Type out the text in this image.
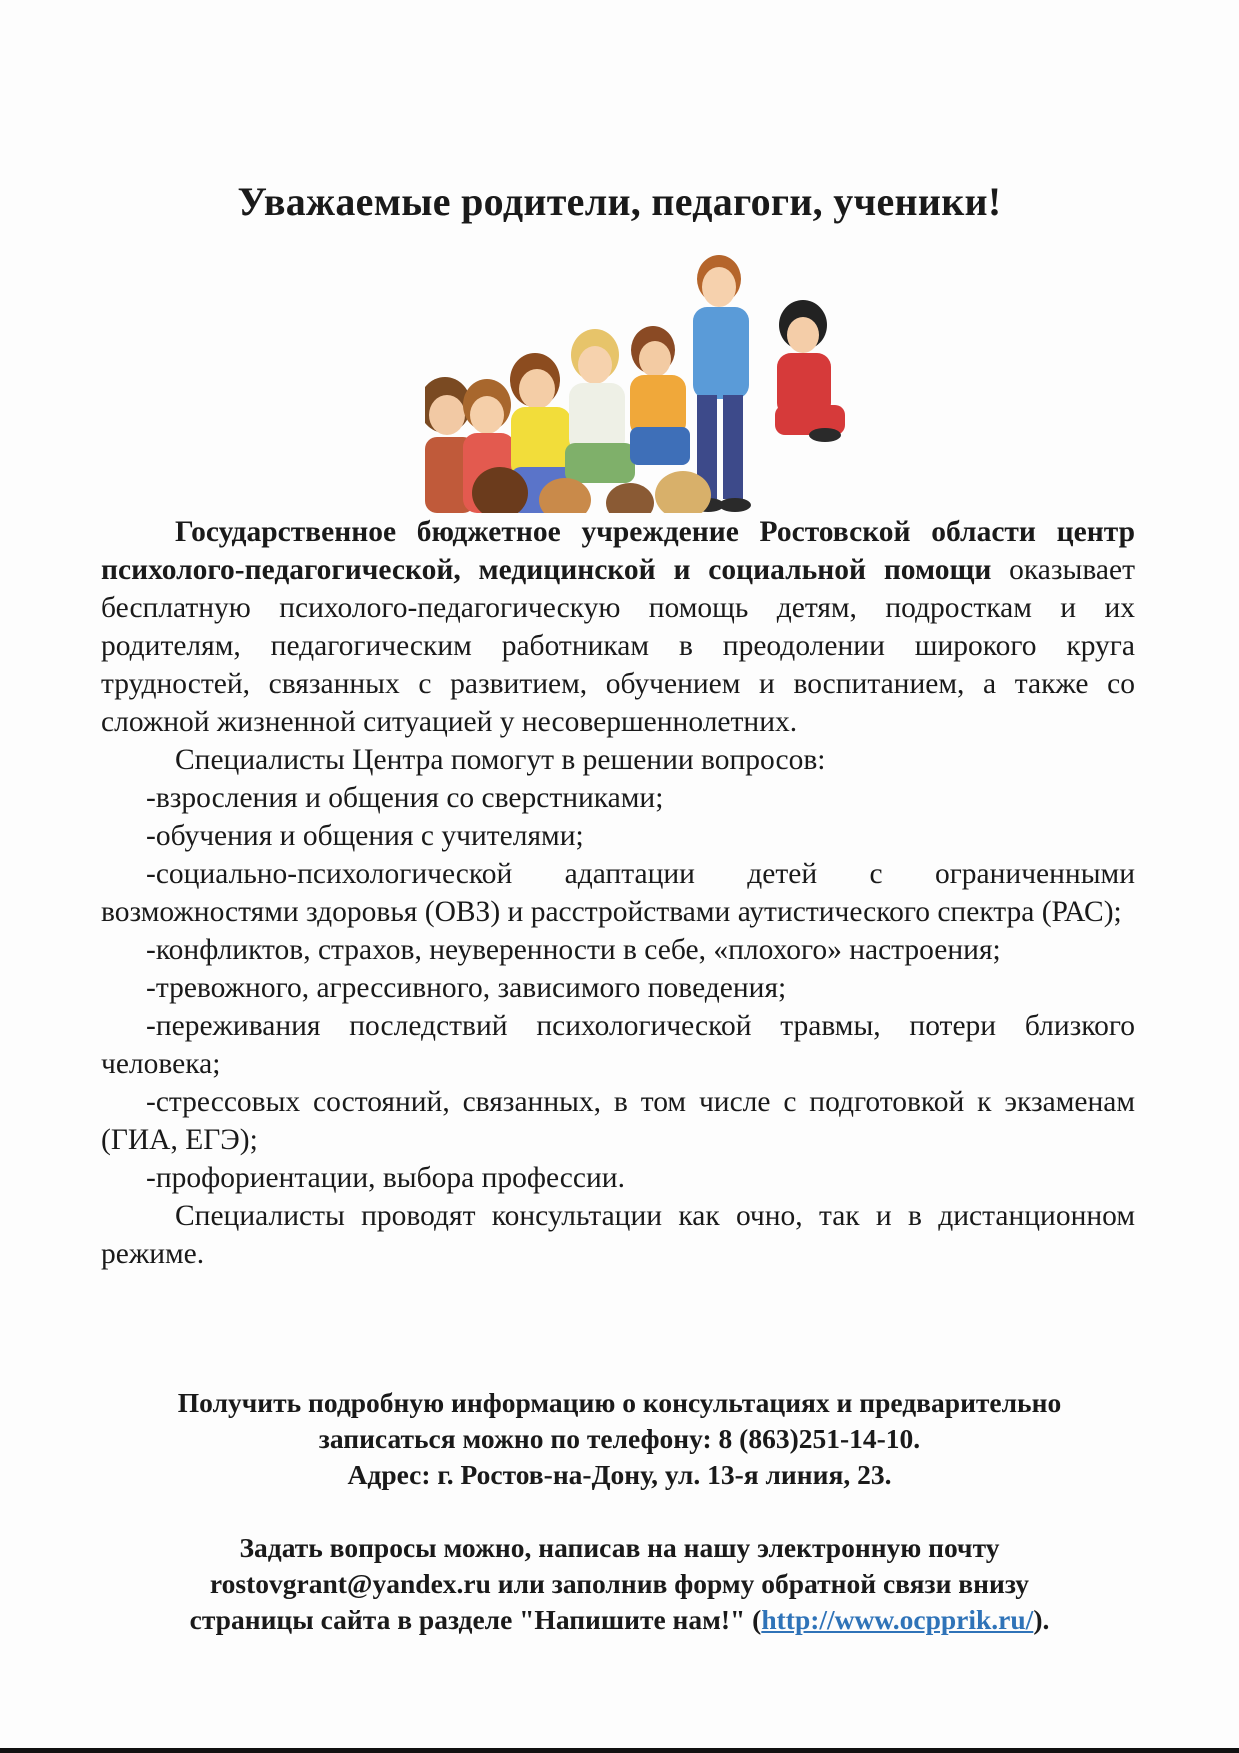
Уважаемые родители, педагоги, ученики!

Государственное бюджетное учреждение Ростовской области центр психолого-педагогической, медицинской и социальной помощи оказывает бесплатную психолого-педагогическую помощь детям, подросткам и их родителям, педагогическим работникам в преодолении широкого круга трудностей, связанных с развитием, обучением и воспитанием, а также со сложной жизненной ситуацией у несовершеннолетних.

Специалисты Центра помогут в решении вопросов:

-взросления и общения со сверстниками;

-обучения и общения с учителями;

-социально-психологической адаптации детей с ограниченными возможностями здоровья (ОВЗ) и расстройствами аутистического спектра (РАС);

-конфликтов, страхов, неуверенности в себе, «плохого» настроения;

-тревожного, агрессивного, зависимого поведения;

-переживания последствий психологической травмы, потери близкого человека;

-стрессовых состояний, связанных, в том числе с подготовкой к экзаменам (ГИА, ЕГЭ);

-профориентации, выбора профессии.

Специалисты проводят консультации как очно, так и в дистанционном режиме.

Получить подробную информацию о консультациях и предварительно
записаться можно по телефону: 8 (863)251-14-10.
Адрес: г. Ростов-на-Дону, ул. 13-я линия, 23.
Задать вопросы можно, написав на нашу электронную почту
rostovgrant@yandex.ru или заполнив форму обратной связи внизу
страницы сайта в разделе "Напишите нам!" (http://www.ocpprik.ru/).
